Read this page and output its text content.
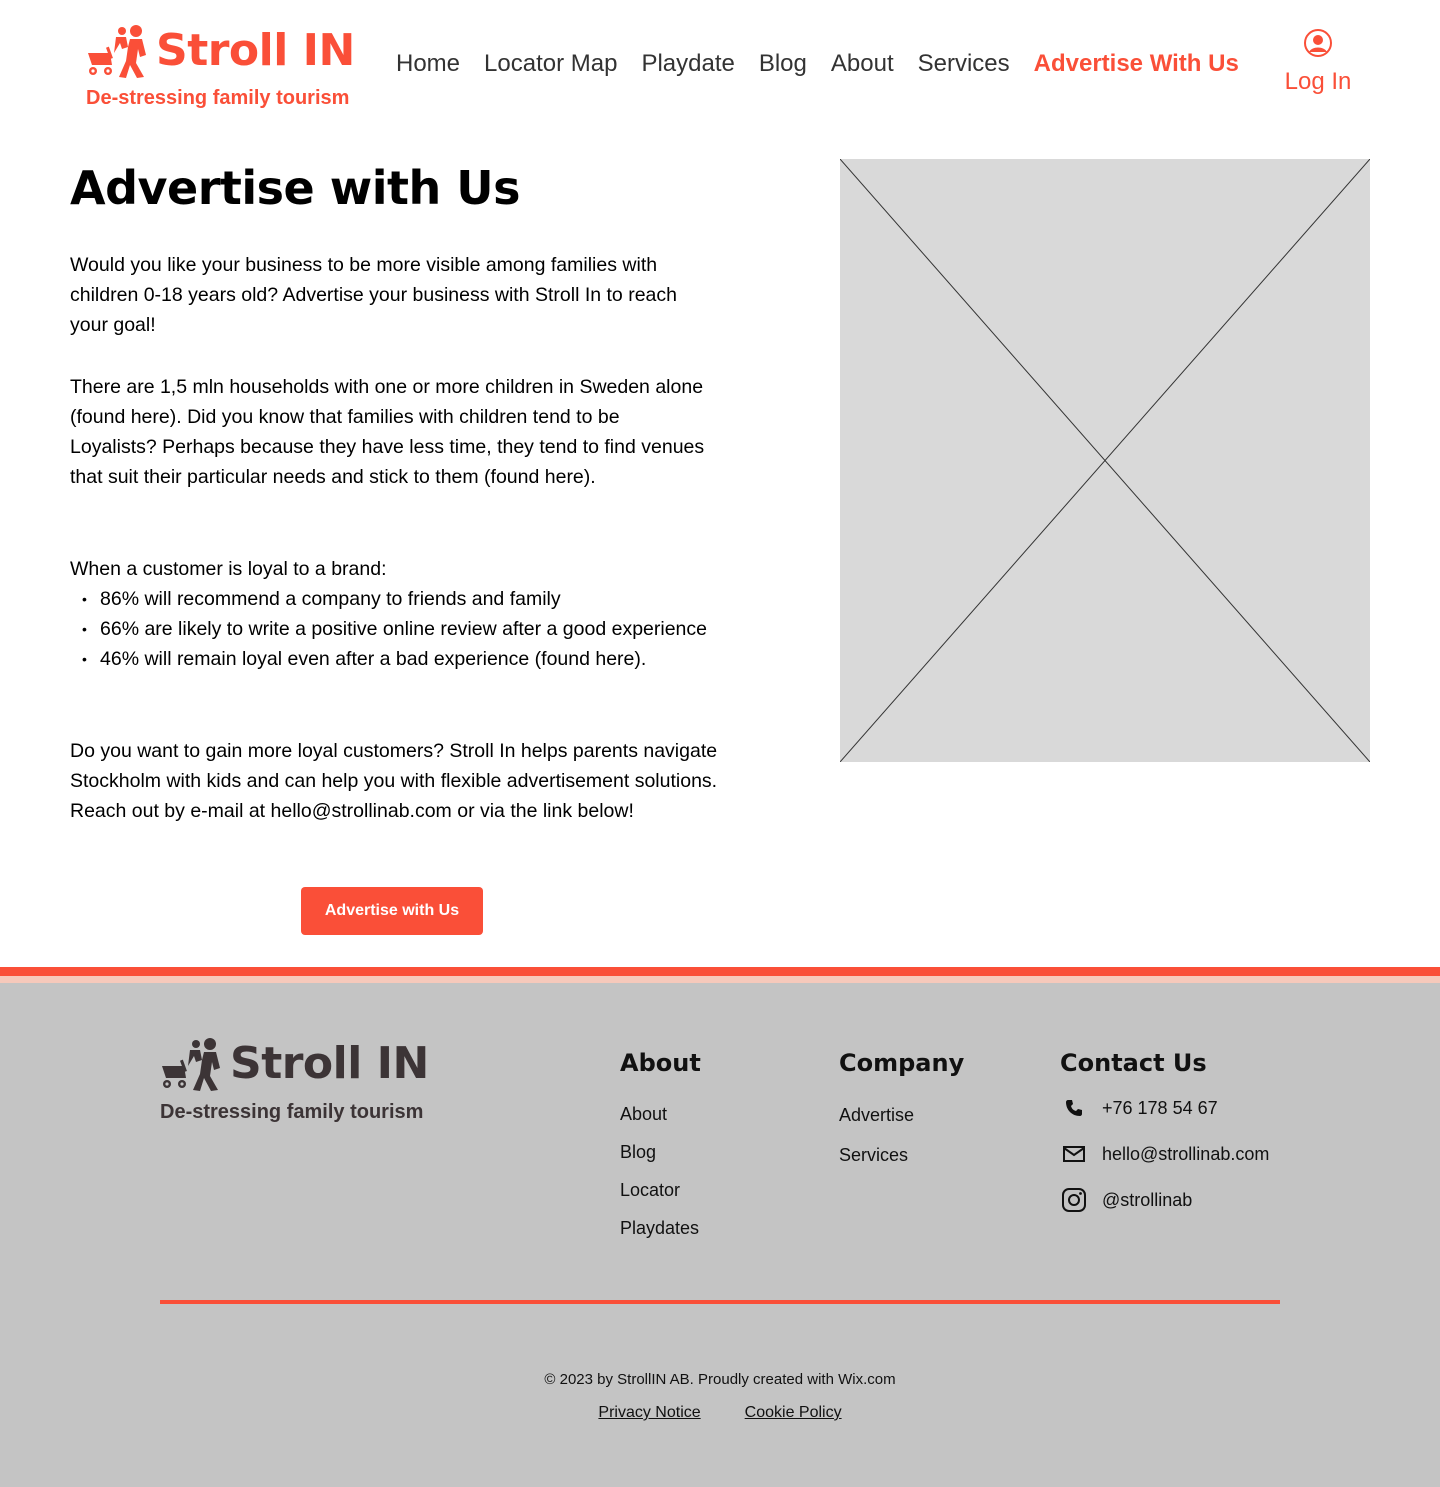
Stroll IN
De-stressing family tourism
Home	Locator Map	Playdate	Blog	About	Services	Advertise With Us
Log In
Advertise with Us

Would you like your business to be more visible among families with children 0-18 years old? Advertise your business with Stroll In to reach your goal!

There are 1,5 mln households with one or more children in Sweden alone (found here). Did you know that families with children tend to be Loyalists? Perhaps because they have less time, they tend to find venues that suit their particular needs and stick to them (found here).

When a customer is loyal to a brand:

• 86% will recommend a company to friends and family
• 66% are likely to write a positive online review after a good experience
• 46% will remain loyal even after a bad experience (found here).

Do you want to gain more loyal customers? Stroll In helps parents navigate Stockholm with kids and can help you with flexible advertisement solutions. Reach out by e-mail at hello@strollinab.com or via the link below!

Advertise with Us
Stroll IN
De-stressing family tourism
About
About
Blog
Locator
Playdates
Company
Advertise
Services
Contact Us
+76 178 54 67
hello@strollinab.com
@strollinab
© 2023 by StrollIN AB. Proudly created with Wix.com
Privacy Notice	Cookie Policy
